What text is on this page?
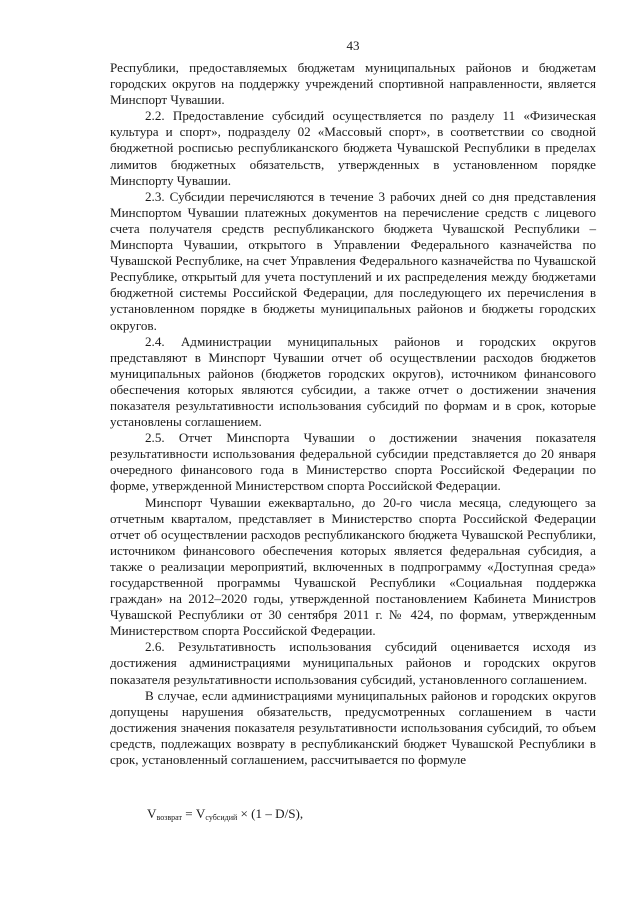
43

Республики, предоставляемых бюджетам муниципальных районов и бюджетам городских округов на поддержку учреждений спортивной направленности, является Минспорт Чувашии.

2.2. Предоставление субсидий осуществляется по разделу 11 «Физическая культура и спорт», подразделу 02 «Массовый спорт», в соответствии со сводной бюджетной росписью республиканского бюджета Чувашской Республики в пределах лимитов бюджетных обязательств, утвержденных в установленном порядке Минспорту Чувашии.

2.3. Субсидии перечисляются в течение 3 рабочих дней со дня представления Минспортом Чувашии платежных документов на перечисление средств с лицевого счета получателя средств республиканского бюджета Чувашской Республики – Минспорта Чувашии, открытого в Управлении Федерального казначейства по Чувашской Республике, на счет Управления Федерального казначейства по Чувашской Республике, открытый для учета поступлений и их распределения между бюджетами бюджетной системы Российской Федерации, для последующего их перечисления в установленном порядке в бюджеты муниципальных районов и бюджеты городских округов.

2.4. Администрации муниципальных районов и городских округов представляют в Минспорт Чувашии отчет об осуществлении расходов бюджетов муниципальных районов (бюджетов городских округов), источником финансового обеспечения которых являются субсидии, а также отчет о достижении значения показателя результативности использования субсидий по формам и в срок, которые установлены соглашением.

2.5. Отчет Минспорта Чувашии о достижении значения показателя результативности использования федеральной субсидии представляется до 20 января очередного финансового года в Министерство спорта Российской Федерации по форме, утвержденной Министерством спорта Российской Федерации.

Минспорт Чувашии ежеквартально, до 20-го числа месяца, следующего за отчетным кварталом, представляет в Министерство спорта Российской Федерации отчет об осуществлении расходов республиканского бюджета Чувашской Республики, источником финансового обеспечения которых является федеральная субсидия, а также о реализации мероприятий, включенных в подпрограмму «Доступная среда» государственной программы Чувашской Республики «Социальная поддержка граждан» на 2012–2020 годы, утвержденной постановлением Кабинета Министров Чувашской Республики от 30 сентября 2011 г. № 424, по формам, утвержденным Министерством спорта Российской Федерации.

2.6. Результативность использования субсидий оценивается исходя из достижения администрациями муниципальных районов и городских округов показателя результативности использования субсидий, установленного соглашением.

В случае, если администрациями муниципальных районов и городских округов допущены нарушения обязательств, предусмотренных соглашением в части достижения значения показателя результативности использования субсидий, то объем средств, подлежащих возврату в республиканский бюджет Чувашской Республики в срок, установленный соглашением, рассчитывается по формуле

$V_{возврат} = V_{субсидий} \times (1 - D/S)$,
